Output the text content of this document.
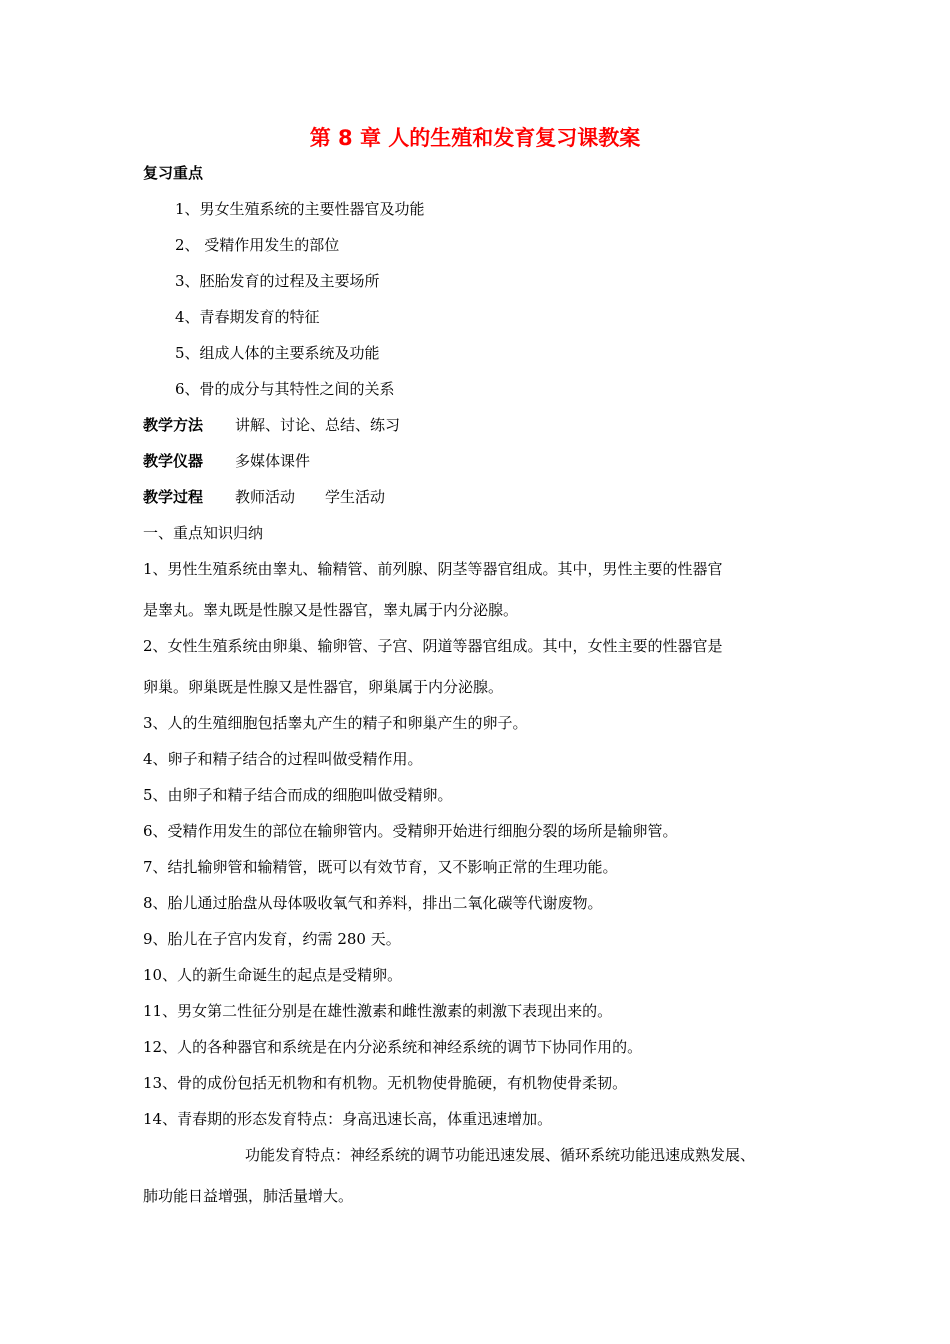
第 8 章 人的生殖和发育复习课教案
复习重点
1、男女生殖系统的主要性器官及功能
2、 受精作用发生的部位
3、胚胎发育的过程及主要场所
4、青春期发育的特征
5、组成人体的主要系统及功能
6、骨的成分与其特性之间的关系
教学方法 讲解、讨论、总结、练习
教学仪器 多媒体课件
教学过程 教师活动 学生活动
一、重点知识归纳
1、男性生殖系统由睾丸、输精管、前列腺、阴茎等器官组成。其中，男性主要的性器官
是睾丸。睾丸既是性腺又是性器官，睾丸属于内分泌腺。
2、女性生殖系统由卵巢、输卵管、子宫、阴道等器官组成。其中，女性主要的性器官是
卵巢。卵巢既是性腺又是性器官，卵巢属于内分泌腺。
3、人的生殖细胞包括睾丸产生的精子和卵巢产生的卵子。
4、卵子和精子结合的过程叫做受精作用。
5、由卵子和精子结合而成的细胞叫做受精卵。
6、受精作用发生的部位在输卵管内。受精卵开始进行细胞分裂的场所是输卵管。
7、结扎输卵管和输精管，既可以有效节育，又不影响正常的生理功能。
8、胎儿通过胎盘从母体吸收氧气和养料，排出二氧化碳等代谢废物。
9、胎儿在子宫内发育，约需 280 天。
10、人的新生命诞生的起点是受精卵。
11、男女第二性征分别是在雄性激素和雌性激素的刺激下表现出来的。
12、人的各种器官和系统是在内分泌系统和神经系统的调节下协同作用的。
13、骨的成份包括无机物和有机物。无机物使骨脆硬，有机物使骨柔韧。
14、青春期的形态发育特点：身高迅速长高，体重迅速增加。
功能发育特点：神经系统的调节功能迅速发展、循环系统功能迅速成熟发展、
肺功能日益增强，肺活量增大。
